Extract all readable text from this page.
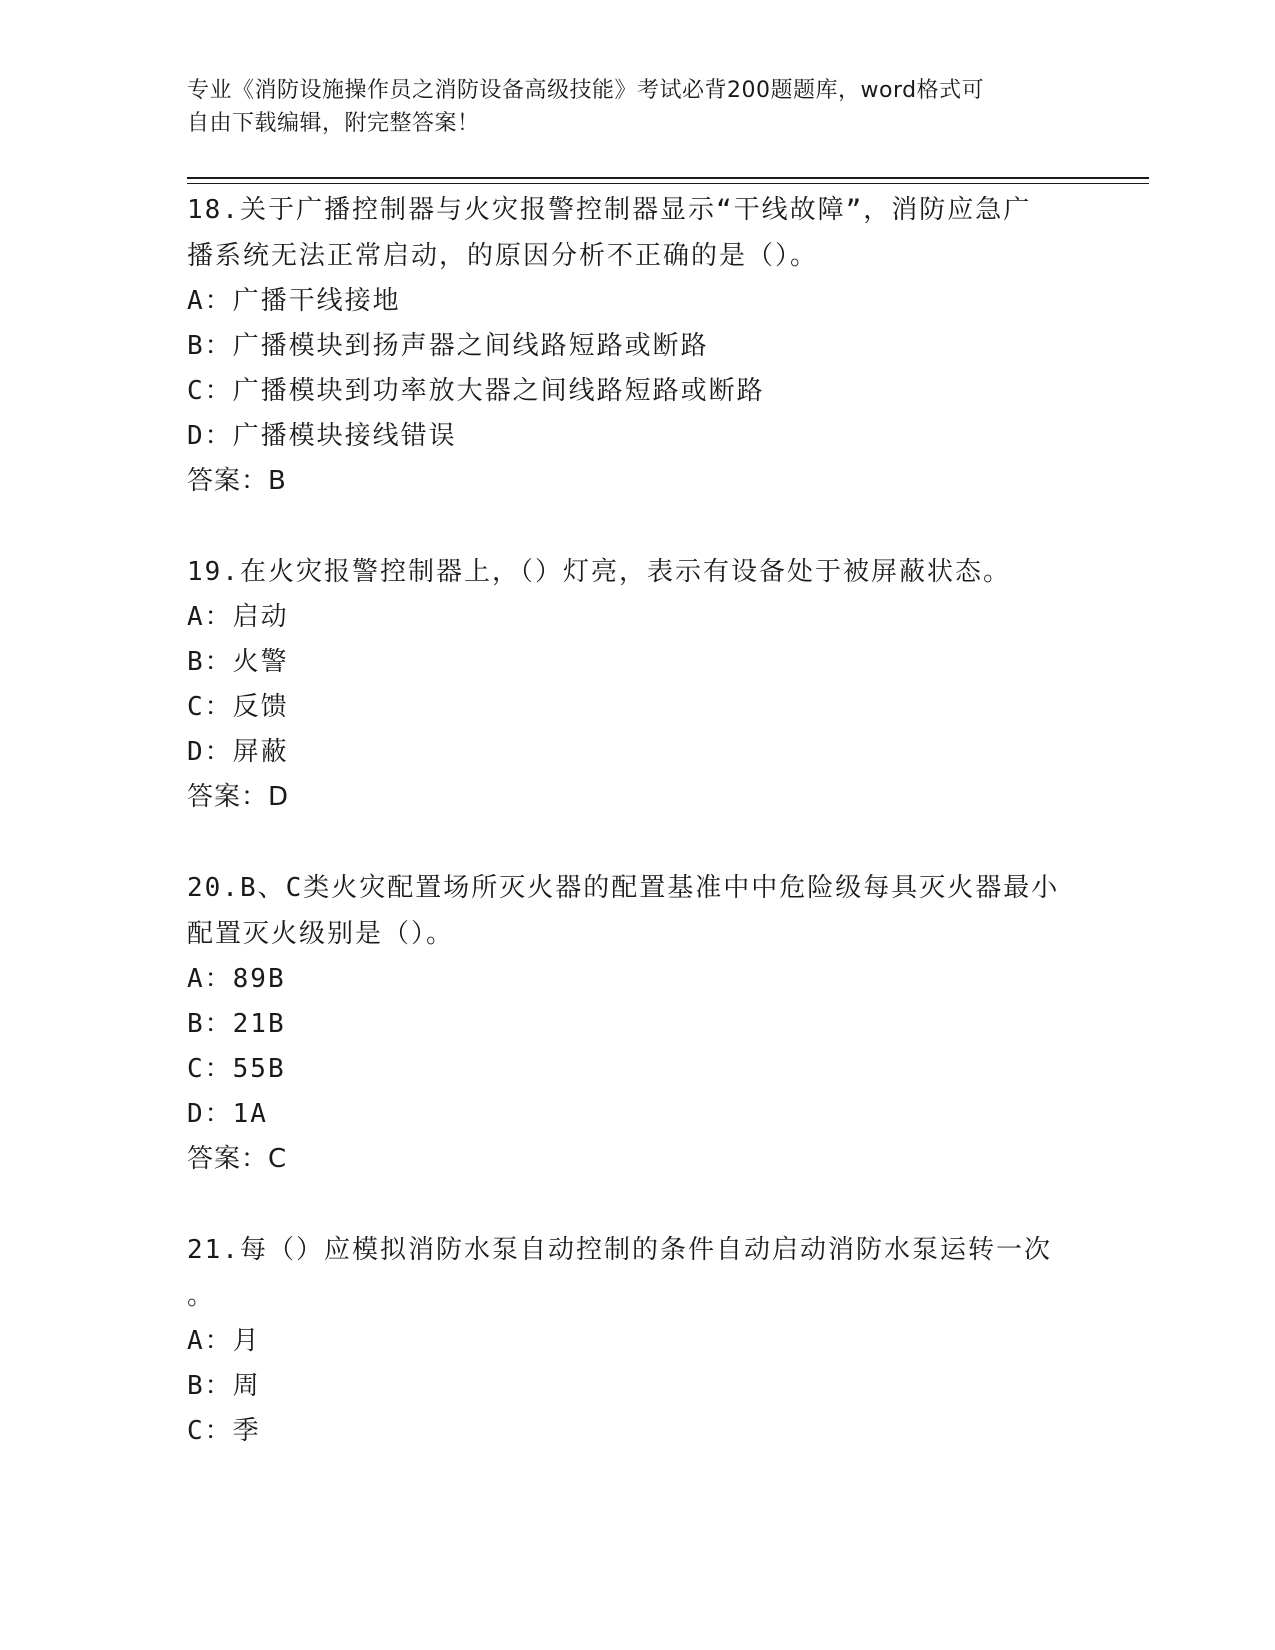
专业《消防设施操作员之消防设备高级技能》考试必背200题题库，word格式可
自由下载编辑，附完整答案！
18.关于广播控制器与火灾报警控制器显示“干线故障”，消防应急广
播系统无法正常启动，的原因分析不正确的是（）。
A：广播干线接地
B：广播模块到扬声器之间线路短路或断路
C：广播模块到功率放大器之间线路短路或断路
D：广播模块接线错误
答案：B
19.在火灾报警控制器上，（）灯亮，表示有设备处于被屏蔽状态。
A：启动
B：火警
C：反馈
D：屏蔽
答案：D
20.B、C类火灾配置场所灭火器的配置基准中中危险级每具灭火器最小
配置灭火级别是（）。
A：89B
B：21B
C：55B
D：1A
答案：C
21.每（）应模拟消防水泵自动控制的条件自动启动消防水泵运转一次
。
A：月
B：周
C：季
